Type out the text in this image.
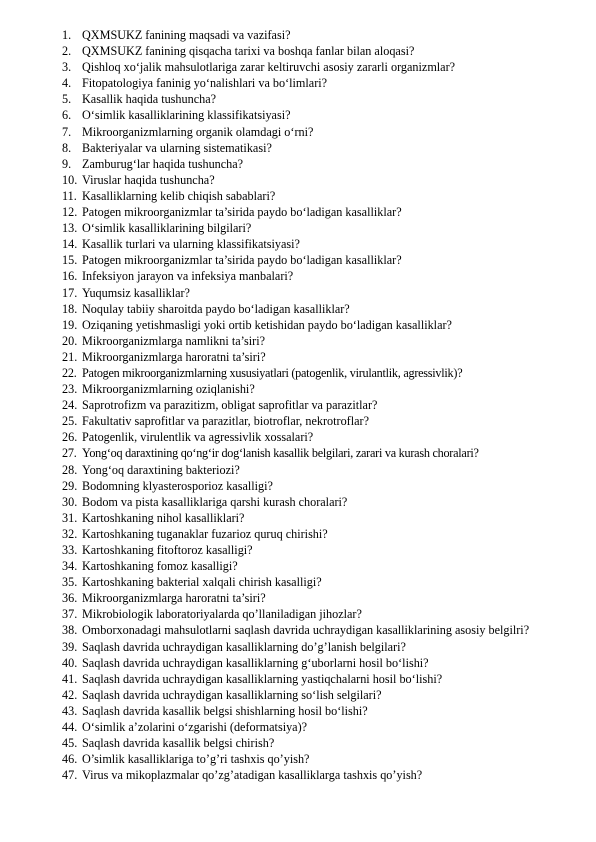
1. QXMSUKZ fanining maqsadi va vazifasi?
2. QXMSUKZ fanining qisqacha tarixi va boshqa fanlar bilan aloqasi?
3. Qishloq xo‘jalik mahsulotlariga zarar keltiruvchi asosiy zararli organizmlar?
4. Fitopatologiya faninig yo‘nalishlari va bo‘limlari?
5. Kasallik haqida tushuncha?
6. O‘simlik kasalliklarining klassifikatsiyasi?
7. Mikroorganizmlarning organik olamdagi o‘rni?
8. Bakteriyalar va ularning sistematikasi?
9. Zamburug‘lar haqida tushuncha?
10. Viruslar haqida tushuncha?
11. Kasalliklarning kelib chiqish sabablari?
12. Patogen mikroorganizmlar ta’sirida paydo bo‘ladigan kasalliklar?
13. O‘simlik kasalliklarining bilgilari?
14. Kasallik turlari va ularning klassifikatsiyasi?
15. Patogen mikroorganizmlar ta’sirida paydo bo‘ladigan kasalliklar?
16. Infeksiyon jarayon va infeksiya manbalari?
17. Yuqumsiz kasalliklar?
18. Noqulay tabiiy sharoitda paydo bo‘ladigan kasalliklar?
19. Oziqaning yetishmasligi yoki ortib ketishidan paydo bo‘ladigan kasalliklar?
20. Mikroorganizmlarga namlikni ta’siri?
21. Mikroorganizmlarga haroratni ta’siri?
22. Patogen mikroorganizmlarning xususiyatlari (patogenlik, virulantlik, agressivlik)?
23. Mikroorganizmlarning oziqlanishi?
24. Saprotrofizm va parazitizm, obligat saprofitlar va parazitlar?
25. Fakultativ saprofitlar va parazitlar, biotroflar, nekrotroflar?
26. Patogenlik, virulentlik va agressivlik xossalari?
27. Yong‘oq daraxtining qo‘ng‘ir dog‘lanish kasallik belgilari, zarari va kurash choralari?
28. Yong‘oq daraxtining bakteriozi?
29. Bodomning klyasterosporioz kasalligi?
30. Bodom va pista kasalliklariga qarshi kurash choralari?
31. Kartoshkaning nihol kasalliklari?
32. Kartoshkaning tuganaklar fuzarioz quruq chirishi?
33. Kartoshkaning fitoftoroz kasalligi?
34. Kartoshkaning fomoz kasalligi?
35. Kartoshkaning bakterial xalqali chirish kasalligi?
36. Mikroorganizmlarga haroratni ta’siri?
37. Mikrobiologik laboratoriyalarda qo’llaniladigan jihozlar?
38. Omborxonadagi mahsulotlarni saqlash davrida uchraydigan kasalliklarining asosiy belgilri?
39. Saqlash davrida uchraydigan kasalliklarning do’g’lanish belgilari?
40. Saqlash davrida uchraydigan kasalliklarning g‘uborlarni hosil bo‘lishi?
41. Saqlash davrida uchraydigan kasalliklarning yastiqchalarni hosil bo‘lishi?
42. Saqlash davrida uchraydigan kasalliklarning so‘lish selgilari?
43. Saqlash davrida kasallik belgsi shishlarning hosil bo‘lishi?
44. O‘simlik a’zolarini o‘zgarishi (deformatsiya)?
45. Saqlash davrida kasallik belgsi chirish?
46. O’simlik kasalliklariga to’g’ri tashxis qo’yish?
47. Virus va mikoplazmalar qo’zg’atadigan kasalliklarga tashxis qo’yish?
